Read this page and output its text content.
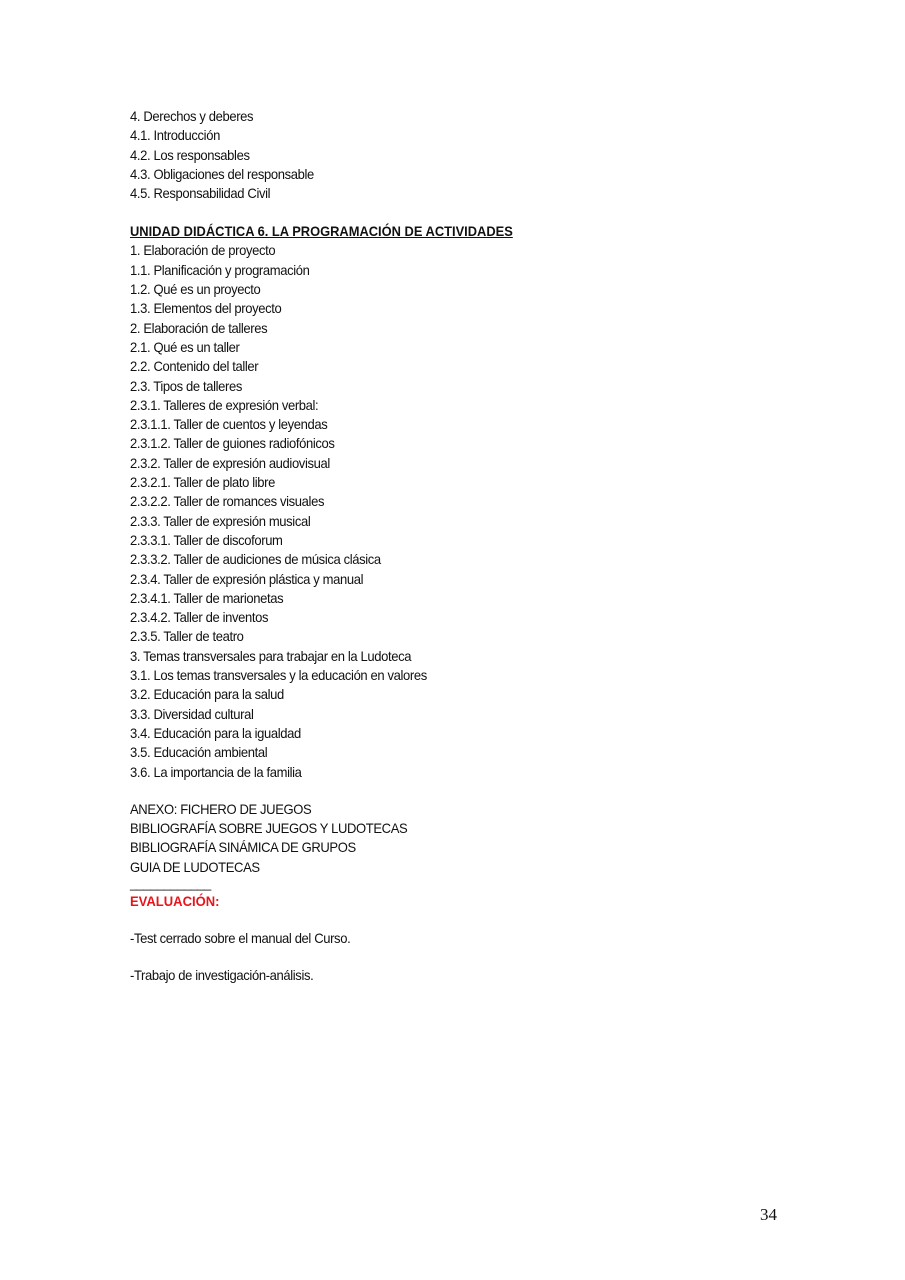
4. Derechos y deberes
4.1. Introducción
4.2. Los responsables
4.3. Obligaciones del responsable
4.5. Responsabilidad Civil
UNIDAD DIDÁCTICA 6. LA PROGRAMACIÓN DE ACTIVIDADES
1. Elaboración de proyecto
1.1. Planificación y programación
1.2. Qué es un proyecto
1.3. Elementos del proyecto
2. Elaboración de talleres
2.1. Qué es un taller
2.2. Contenido del taller
2.3. Tipos de talleres
2.3.1. Talleres de expresión verbal:
2.3.1.1. Taller de cuentos y leyendas
2.3.1.2. Taller de guiones radiofónicos
2.3.2. Taller de expresión audiovisual
2.3.2.1. Taller de plato libre
2.3.2.2. Taller de romances visuales
2.3.3. Taller de expresión musical
2.3.3.1. Taller de discoforum
2.3.3.2. Taller de audiciones de música clásica
2.3.4. Taller de expresión plástica y manual
2.3.4.1. Taller de marionetas
2.3.4.2. Taller de inventos
2.3.5. Taller de teatro
3. Temas transversales para trabajar en la Ludoteca
3.1. Los temas transversales y la educación en valores
3.2. Educación para la salud
3.3. Diversidad cultural
3.4. Educación para la igualdad
3.5. Educación ambiental
3.6. La importancia de la familia
ANEXO: FICHERO DE JUEGOS
BIBLIOGRAFÍA SOBRE JUEGOS Y LUDOTECAS
BIBLIOGRAFÍA SINÁMICA DE GRUPOS
GUIA DE LUDOTECAS
____________
EVALUACIÓN:
-Test cerrado sobre el manual del Curso.
-Trabajo de investigación-análisis.
34
